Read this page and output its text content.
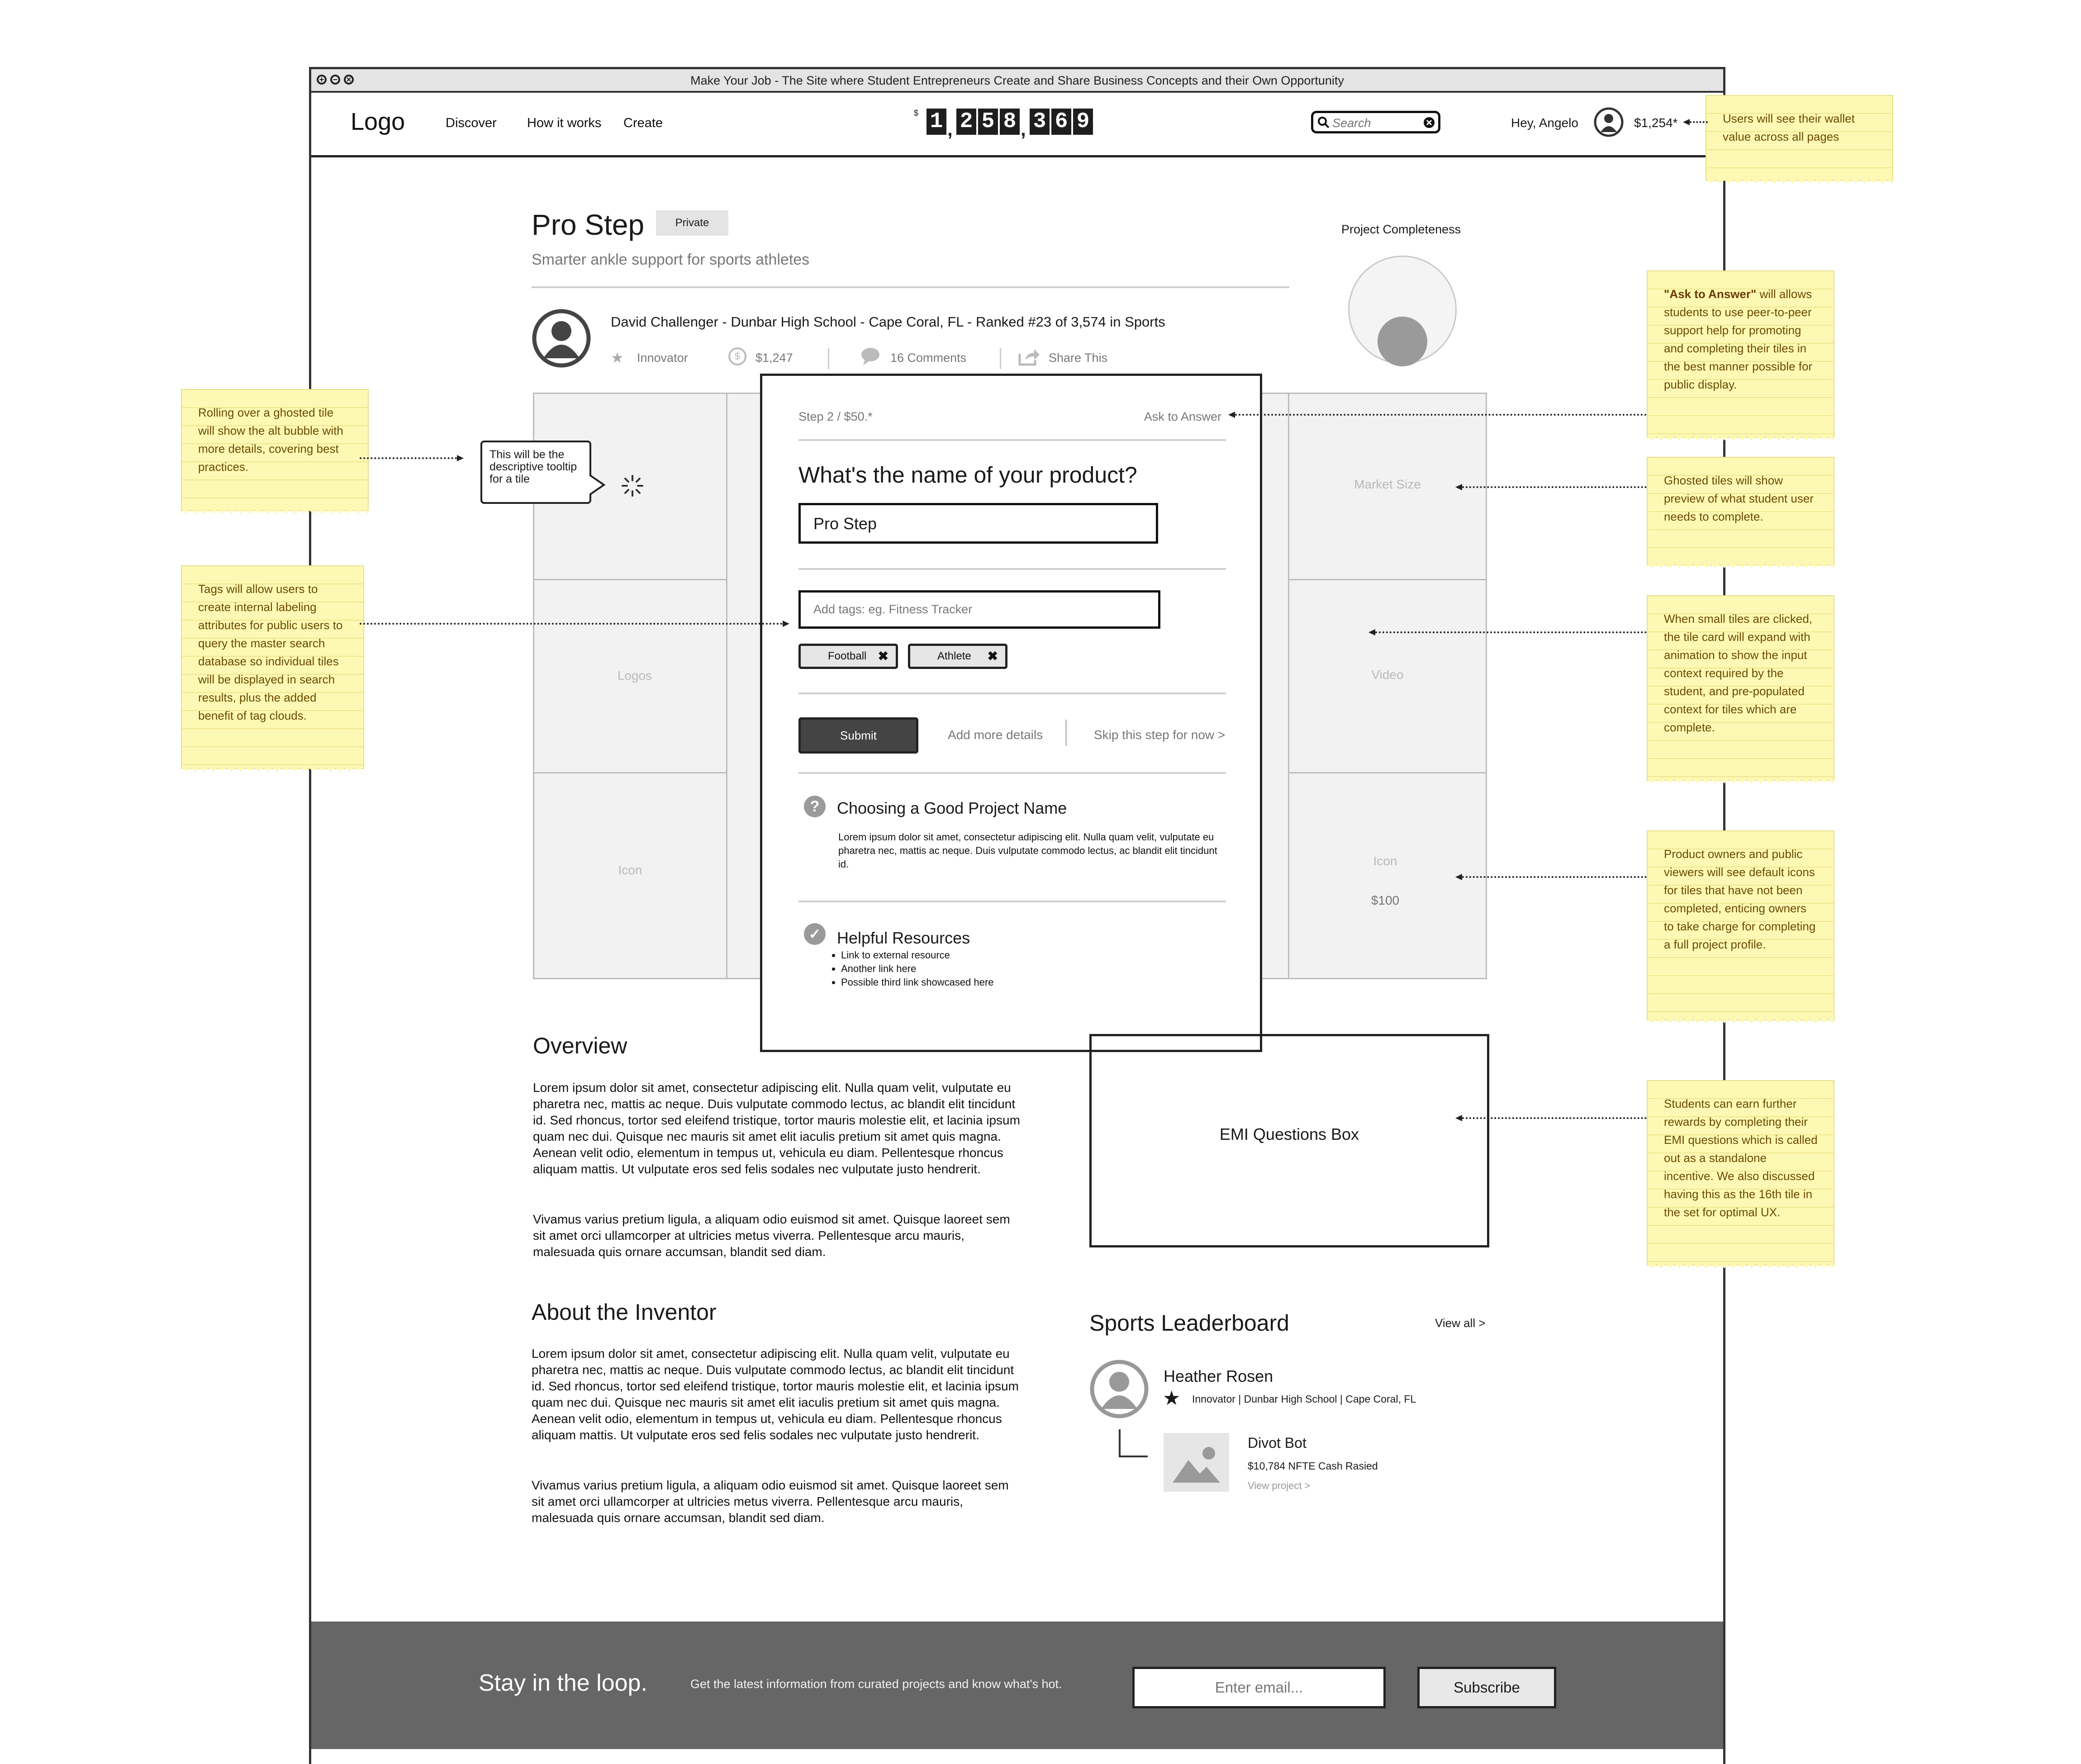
+	−	×	Make Your Job - The Site where Student Entrepreneurs Create and Share Business Concepts and their Own Opportunity
Logo	Discover How it works Create
$ 1 , 2 5 8 , 3 6 9
Search	Hey, Angelo	$1,254*
Pro Step	Private
Smarter ankle support for sports athletes
Project Completeness
David Challenger - Dunbar High School - Cape Coral, FL - Ranked #23 of 3,574 in Sports
★ Innovator	$	$1,247	16 Comments	Share This
Logos
Icon
Market Size
Video
Icon
$100
This will be the descriptive tooltip for a tile
Step 2 / $50.*	Ask to Answer
What's the name of your product?
Pro Step
Add tags: eg. Fitness Tracker
Football ✖	Athlete ✖
Submit	Add more details	Skip this step for now >
?	Choosing a Good Project Name
Lorem ipsum dolor sit amet, consectetur adipiscing elit. Nulla quam velit, vulputate eu pharetra nec, mattis ac neque. Duis vulputate commodo lectus, ac blandit elit tincidunt id.
✓ Helpful Resources
• Link to external resource
• Another link here
• Possible third link showcased here
Overview
Lorem ipsum dolor sit amet, consectetur adipiscing elit. Nulla quam velit, vulputate eu pharetra nec, mattis ac neque. Duis vulputate commodo lectus, ac blandit elit tincidunt id. Sed rhoncus, tortor sed eleifend tristique, tortor mauris molestie elit, et lacinia ipsum quam nec dui. Quisque nec mauris sit amet elit iaculis pretium sit amet quis magna. Aenean velit odio, elementum in tempus ut, vehicula eu diam. Pellentesque rhoncus aliquam mattis. Ut vulputate eros sed felis sodales nec vulputate justo hendrerit.
Vivamus varius pretium ligula, a aliquam odio euismod sit amet. Quisque laoreet sem sit amet orci ullamcorper at ultricies metus viverra. Pellentesque arcu mauris, malesuada quis ornare accumsan, blandit sed diam.
About the Inventor
Lorem ipsum dolor sit amet, consectetur adipiscing elit. Nulla quam velit, vulputate eu pharetra nec, mattis ac neque. Duis vulputate commodo lectus, ac blandit elit tincidunt id. Sed rhoncus, tortor sed eleifend tristique, tortor mauris molestie elit, et lacinia ipsum quam nec dui. Quisque nec mauris sit amet elit iaculis pretium sit amet quis magna. Aenean velit odio, elementum in tempus ut, vehicula eu diam. Pellentesque rhoncus aliquam mattis. Ut vulputate eros sed felis sodales nec vulputate justo hendrerit.
Vivamus varius pretium ligula, a aliquam odio euismod sit amet. Quisque laoreet sem sit amet orci ullamcorper at ultricies metus viverra. Pellentesque arcu mauris, malesuada quis ornare accumsan, blandit sed diam.
EMI Questions Box
Sports Leaderboard	View all >
Heather Rosen
★ Innovator | Dunbar High School | Cape Coral, FL
Divot Bot
$10,784 NFTE Cash Rasied
View project >
Stay in the loop.	Get the latest information from curated projects and know what's hot.
Enter email...	Subscribe
Users will see their wallet value across all pages
Rolling over a ghosted tile will show the alt bubble with more details, covering best practices.
Tags will allow users to create internal labeling attributes for public users to query the master search database so individual tiles will be displayed in search results, plus the added benefit of tag clouds.
"Ask to Answer" will allows students to use peer-to-peer support help for promoting and completing their tiles in the best manner possible for public display.
Ghosted tiles will show preview of what student user needs to complete.
When small tiles are clicked, the tile card will expand with animation to show the input context required by the student, and pre-populated context for tiles which are complete.
Product owners and public viewers will see default icons for tiles that have not been completed, enticing owners to take charge for completing a full project profile.
Students can earn further rewards by completing their EMI questions which is called out as a standalone incentive. We also discussed having this as the 16th tile in the set for optimal UX.
